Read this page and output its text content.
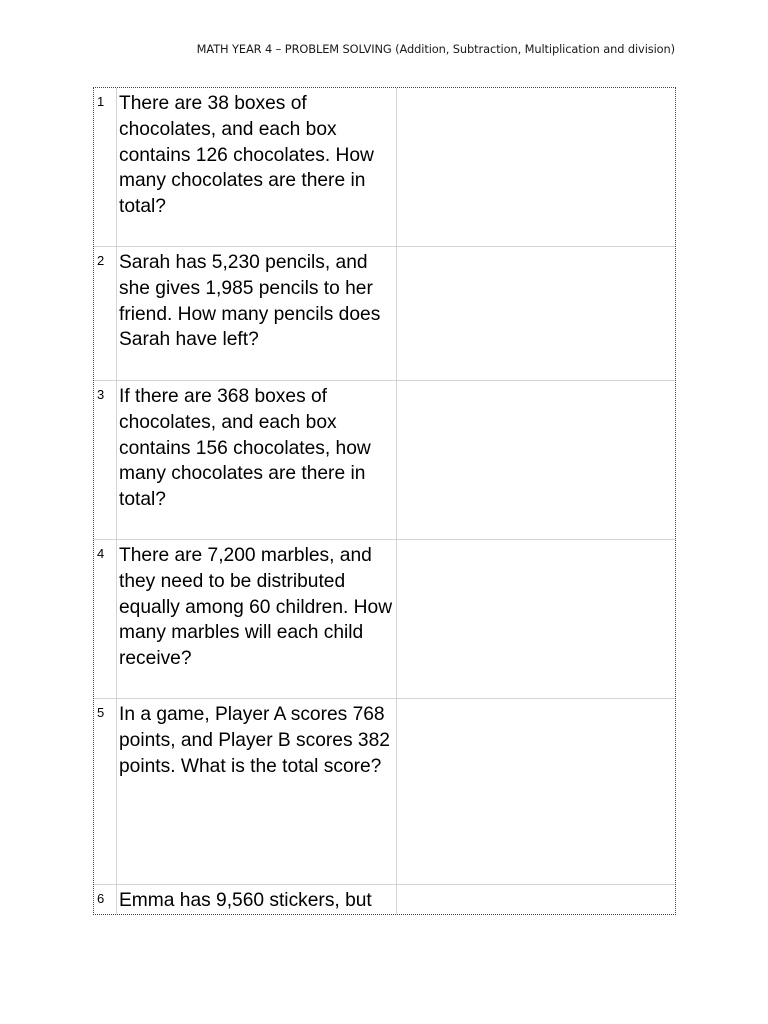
MATH YEAR 4 – PROBLEM SOLVING (Addition, Subtraction, Multiplication and division)
1 There are 38 boxes of chocolates, and each box contains 126 chocolates. How many chocolates are there in total?
2 Sarah has 5,230 pencils, and she gives 1,985 pencils to her friend. How many pencils does Sarah have left?
3 If there are 368 boxes of chocolates, and each box contains 156 chocolates, how many chocolates are there in total?
4 There are 7,200 marbles, and they need to be distributed equally among 60 children. How many marbles will each child receive?
5 In a game, Player A scores 768 points, and Player B scores 382 points. What is the total score?
6 Emma has 9,560 stickers, but
